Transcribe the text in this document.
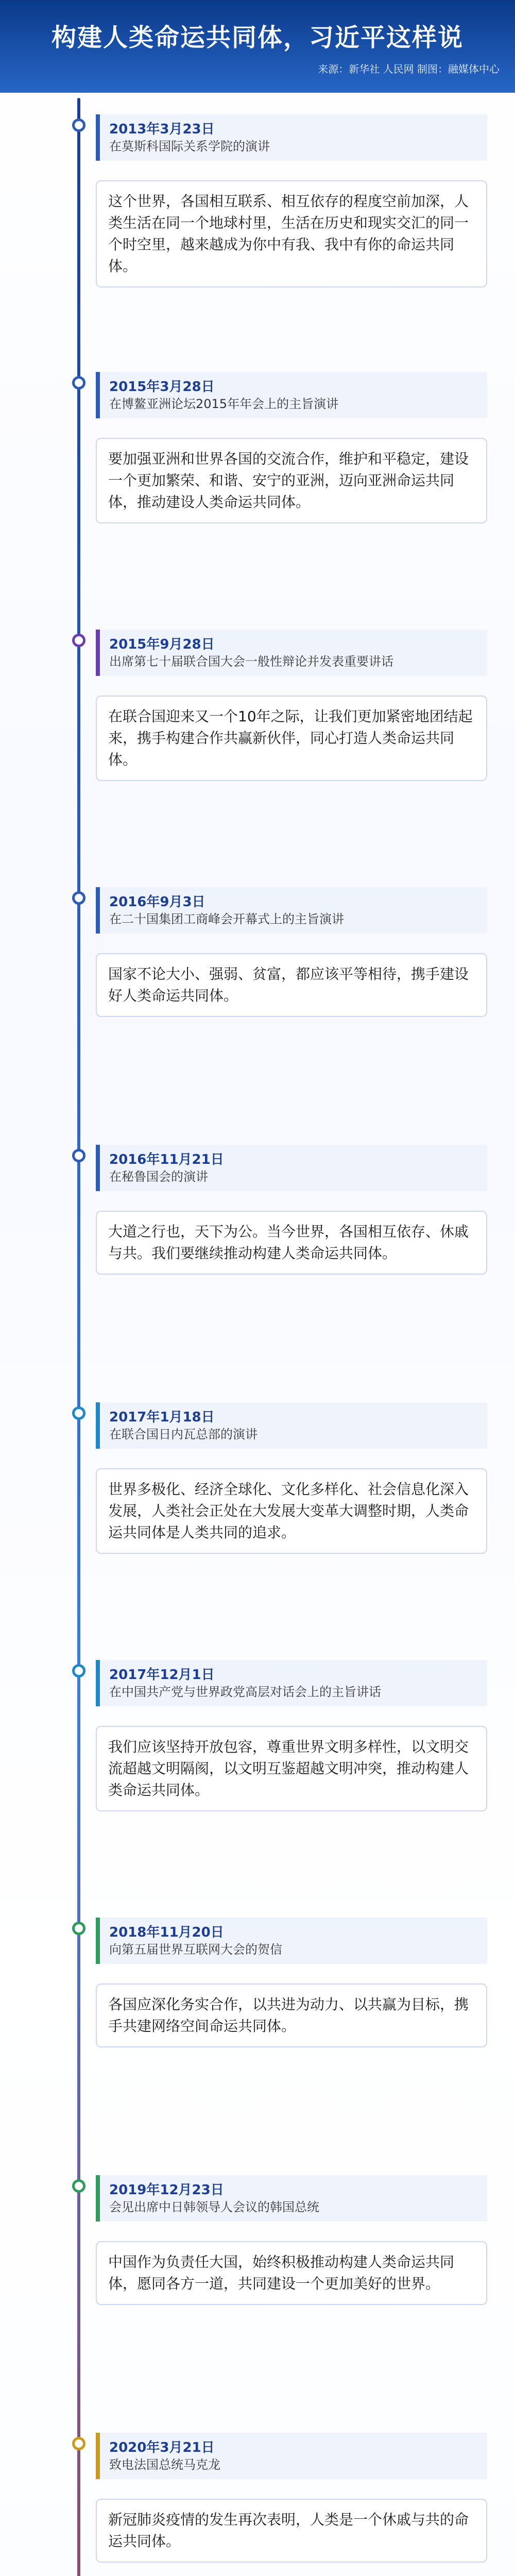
构建人类命运共同体，习近平这样说
来源：新华社 人民网 制图：融媒体中心
2013年3月23日
在莫斯科国际关系学院的演讲
这个世界，各国相互联系、相互依存的程度空前加深，人类生活在同一个地球村里，生活在历史和现实交汇的同一个时空里，越来越成为你中有我、我中有你的命运共同体。
2015年3月28日
在博鳌亚洲论坛2015年年会上的主旨演讲
要加强亚洲和世界各国的交流合作，维护和平稳定，建设一个更加繁荣、和谐、安宁的亚洲，迈向亚洲命运共同体，推动建设人类命运共同体。
2015年9月28日
出席第七十届联合国大会一般性辩论并发表重要讲话
在联合国迎来又一个10年之际，让我们更加紧密地团结起来，携手构建合作共赢新伙伴，同心打造人类命运共同体。
2016年9月3日
在二十国集团工商峰会开幕式上的主旨演讲
国家不论大小、强弱、贫富，都应该平等相待，携手建设好人类命运共同体。
2016年11月21日
在秘鲁国会的演讲
大道之行也，天下为公。当今世界，各国相互依存、休戚与共。我们要继续推动构建人类命运共同体。
2017年1月18日
在联合国日内瓦总部的演讲
世界多极化、经济全球化、文化多样化、社会信息化深入发展，人类社会正处在大发展大变革大调整时期，人类命运共同体是人类共同的追求。
2017年12月1日
在中国共产党与世界政党高层对话会上的主旨讲话
我们应该坚持开放包容，尊重世界文明多样性，以文明交流超越文明隔阂，以文明互鉴超越文明冲突，推动构建人类命运共同体。
2018年11月20日
向第五届世界互联网大会的贺信
各国应深化务实合作，以共进为动力、以共赢为目标，携手共建网络空间命运共同体。
2019年12月23日
会见出席中日韩领导人会议的韩国总统
中国作为负责任大国，始终积极推动构建人类命运共同体，愿同各方一道，共同建设一个更加美好的世界。
2020年3月21日
致电法国总统马克龙
新冠肺炎疫情的发生再次表明，人类是一个休戚与共的命运共同体。
